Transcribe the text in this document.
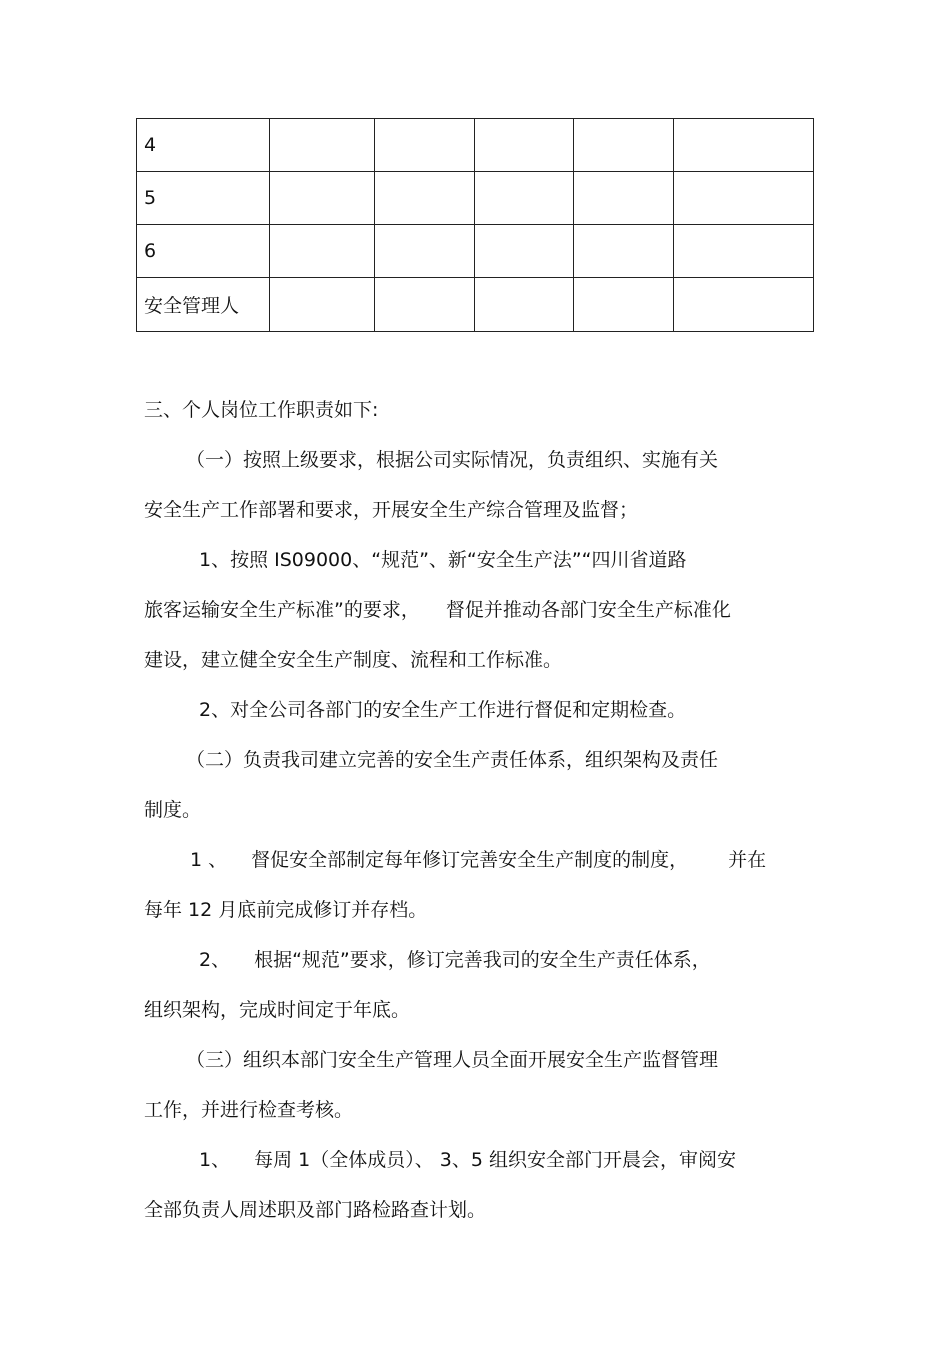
4					
5					
6					
安全管理人					
三、个人岗位工作职责如下:
（一）按照上级要求，根据公司实际情况，负责组织、实施有关
安全生产工作部署和要求，开展安全生产综合管理及监督；
1、按照 IS09000、“规范”、新“安全生产法”“四川省道路
旅客运输安全生产标准”的要求， 督促并推动各部门安全生产标准化
建设，建立健全安全生产制度、流程和工作标准。
2、对全公司各部门的安全生产工作进行督促和定期检查。
（二）负责我司建立完善的安全生产责任体系，组织架构及责任
制度。
1 、 督促安全部制定每年修订完善安全生产制度的制度， 并在
每年 12 月底前完成修订并存档。
2、 根据“规范”要求，修订完善我司的安全生产责任体系，
组织架构，完成时间定于年底。
（三）组织本部门安全生产管理人员全面开展安全生产监督管理
工作，并进行检查考核。
1、 每周 1（全体成员）、 3、5 组织安全部门开晨会，审阅安
全部负责人周述职及部门路检路查计划。
